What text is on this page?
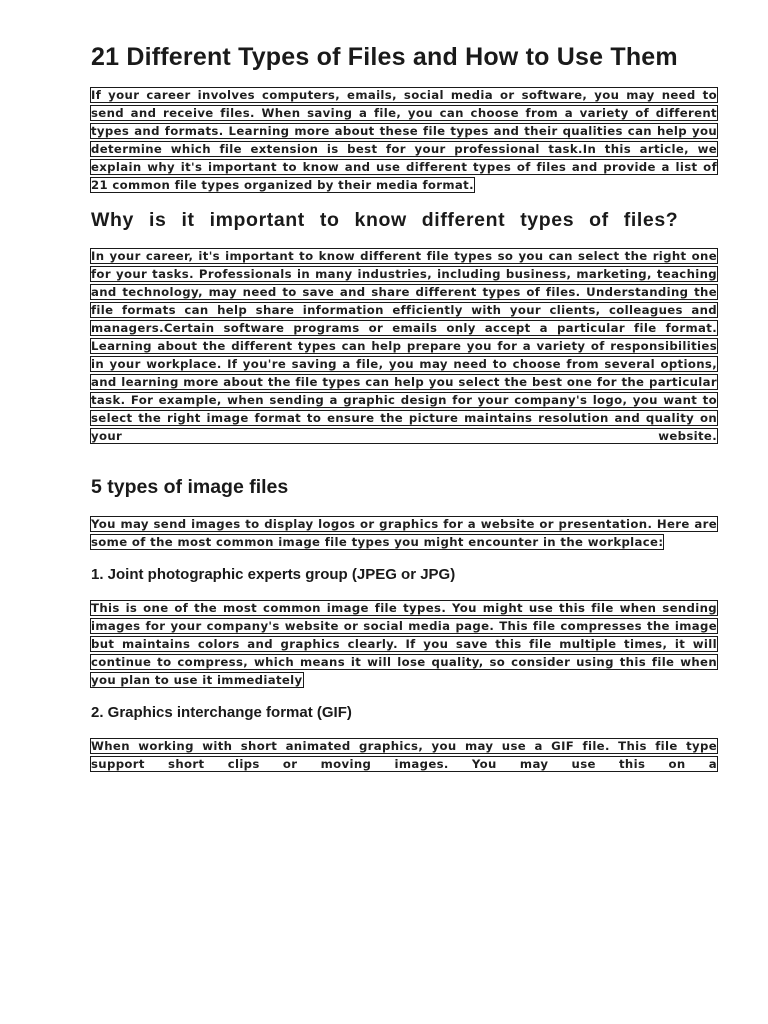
21 Different Types of Files and How to Use Them

If your career involves computers, emails, social media or software, you may need to send and receive files. When saving a file, you can choose from a variety of different types and formats. Learning more about these file types and their qualities can help you determine which file extension is best for your professional task.In this article, we explain why it's important to know and use different types of files and provide a list of 21 common file types organized by their media format.

Why is it important to know different types of files?

In your career, it's important to know different file types so you can select the right one for your tasks. Professionals in many industries, including business, marketing, teaching and technology, may need to save and share different types of files. Understanding the file formats can help share information efficiently with your clients, colleagues and managers.Certain software programs or emails only accept a particular file format. Learning about the different types can help prepare you for a variety of responsibilities in your workplace. If you're saving a file, you may need to choose from several options, and learning more about the file types can help you select the best one for the particular task. For example, when sending a graphic design for your company's logo, you want to select the right image format to ensure the picture maintains resolution and quality on your website.

5 types of image files

You may send images to display logos or graphics for a website or presentation. Here are some of the most common image file types you might encounter in the workplace:

1. Joint photographic experts group (JPEG or JPG)

This is one of the most common image file types. You might use this file when sending images for your company's website or social media page. This file compresses the image but maintains colors and graphics clearly. If you save this file multiple times, it will continue to compress, which means it will lose quality, so consider using this file when you plan to use it immediately

2. Graphics interchange format (GIF)

When working with short animated graphics, you may use a GIF file. This file type support short clips or moving images. You may use this on a
